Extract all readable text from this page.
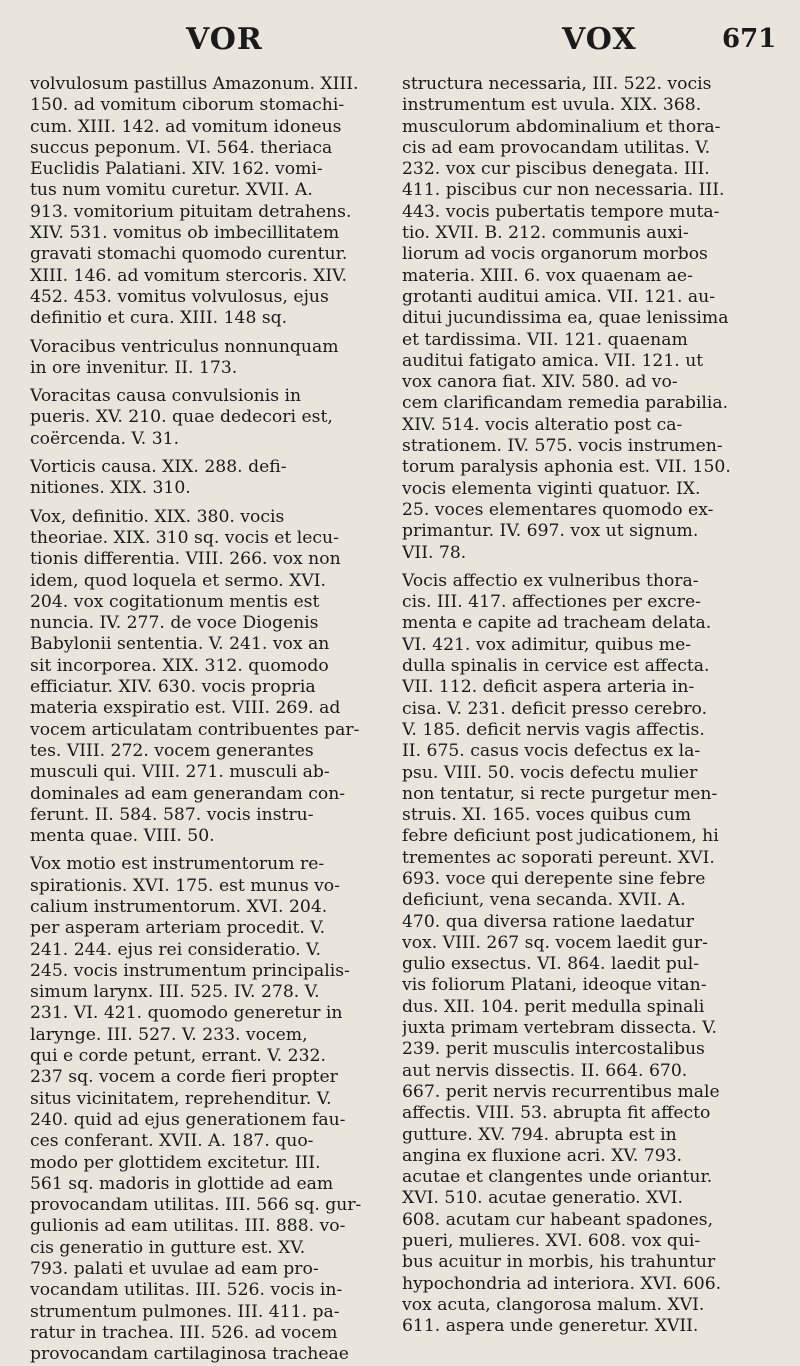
VOR	VOX	671
volvulosum pastillus Amazonum. XIII.
150. ad vomitum ciborum stomachi-
cum. XIII. 142. ad vomitum idoneus
succus peponum. VI. 564. theriaca
Euclidis Palatiani. XIV. 162. vomi-
tus num vomitu curetur. XVII. A.
913. vomitorium pituitam detrahens.
XIV. 531. vomitus ob imbecillitatem
gravati stomachi quomodo curentur.
XIII. 146. ad vomitum stercoris. XIV.
452. 453. vomitus volvulosus, ejus
definitio et cura. XIII. 148 sq.
Voracibus ventriculus nonnunquam
in ore invenitur. II. 173.
Voracitas causa convulsionis in
pueris. XV. 210. quae dedecori est,
coërcenda. V. 31.
Vorticis causa. XIX. 288. defi-
nitiones. XIX. 310.
Vox, definitio. XIX. 380. vocis
theoriae. XIX. 310 sq. vocis et lecu-
tionis differentia. VIII. 266. vox non
idem, quod loquela et sermo. XVI.
204. vox cogitationum mentis est
nuncia. IV. 277. de voce Diogenis
Babylonii sententia. V. 241. vox an
sit incorporea. XIX. 312. quomodo
efficiatur. XIV. 630. vocis propria
materia exspiratio est. VIII. 269. ad
vocem articulatam contribuentes par-
tes. VIII. 272. vocem generantes
musculi qui. VIII. 271. musculi ab-
dominales ad eam generandam con-
ferunt. II. 584. 587. vocis instru-
menta quae. VIII. 50.
Vox motio est instrumentorum re-
spirationis. XVI. 175. est munus vo-
calium instrumentorum. XVI. 204.
per asperam arteriam procedit. V.
241. 244. ejus rei consideratio. V.
245. vocis instrumentum principalis-
simum larynx. III. 525. IV. 278. V.
231. VI. 421. quomodo generetur in
larynge. III. 527. V. 233. vocem,
qui e corde petunt, errant. V. 232.
237 sq. vocem a corde fieri propter
situs vicinitatem, reprehenditur. V.
240. quid ad ejus generationem fau-
ces conferant. XVII. A. 187. quo-
modo per glottidem excitetur. III.
561 sq. madoris in glottide ad eam
provocandam utilitas. III. 566 sq. gur-
gulionis ad eam utilitas. III. 888. vo-
cis generatio in gutture est. XV.
793. palati et uvulae ad eam pro-
vocandam utilitas. III. 526. vocis in-
strumentum pulmones. III. 411. pa-
ratur in trachea. III. 526. ad vocem
provocandam cartilaginosa tracheae
structura necessaria, III. 522. vocis
instrumentum est uvula. XIX. 368.
musculorum abdominalium et thora-
cis ad eam provocandam utilitas. V.
232. vox cur piscibus denegata. III.
411. piscibus cur non necessaria. III.
443. vocis pubertatis tempore muta-
tio. XVII. B. 212. communis auxi-
liorum ad vocis organorum morbos
materia. XIII. 6. vox quaenam ae-
grotanti auditui amica. VII. 121. au-
ditui jucundissima ea, quae lenissima
et tardissima. VII. 121. quaenam
auditui fatigato amica. VII. 121. ut
vox canora fiat. XIV. 580. ad vo-
cem clarificandam remedia parabilia.
XIV. 514. vocis alteratio post ca-
strationem. IV. 575. vocis instrumen-
torum paralysis aphonia est. VII. 150.
vocis elementa viginti quatuor. IX.
25. voces elementares quomodo ex-
primantur. IV. 697. vox ut signum.
VII. 78.
Vocis affectio ex vulneribus thora-
cis. III. 417. affectiones per excre-
menta e capite ad tracheam delata.
VI. 421. vox adimitur, quibus me-
dulla spinalis in cervice est affecta.
VII. 112. deficit aspera arteria in-
cisa. V. 231. deficit presso cerebro.
V. 185. deficit nervis vagis affectis.
II. 675. casus vocis defectus ex la-
psu. VIII. 50. vocis defectu mulier
non tentatur, si recte purgetur men-
struis. XI. 165. voces quibus cum
febre deficiunt post judicationem, hi
trementes ac soporati pereunt. XVI.
693. voce qui derepente sine febre
deficiunt, vena secanda. XVII. A.
470. qua diversa ratione laedatur
vox. VIII. 267 sq. vocem laedit gur-
gulio exsectus. VI. 864. laedit pul-
vis foliorum Platani, ideoque vitan-
dus. XII. 104. perit medulla spinali
juxta primam vertebram dissecta. V.
239. perit musculis intercostalibus
aut nervis dissectis. II. 664. 670.
667. perit nervis recurrentibus male
affectis. VIII. 53. abrupta fit affecto
gutture. XV. 794. abrupta est in
angina ex fluxione acri. XV. 793.
acutae et clangentes unde oriantur.
XVI. 510. acutae generatio. XVI.
608. acutam cur habeant spadones,
pueri, mulieres. XVI. 608. vox qui-
bus acuitur in morbis, his trahuntur
hypochondria ad interiora. XVI. 606.
vox acuta, clangorosa malum. XVI.
611. aspera unde generetur. XVII.
